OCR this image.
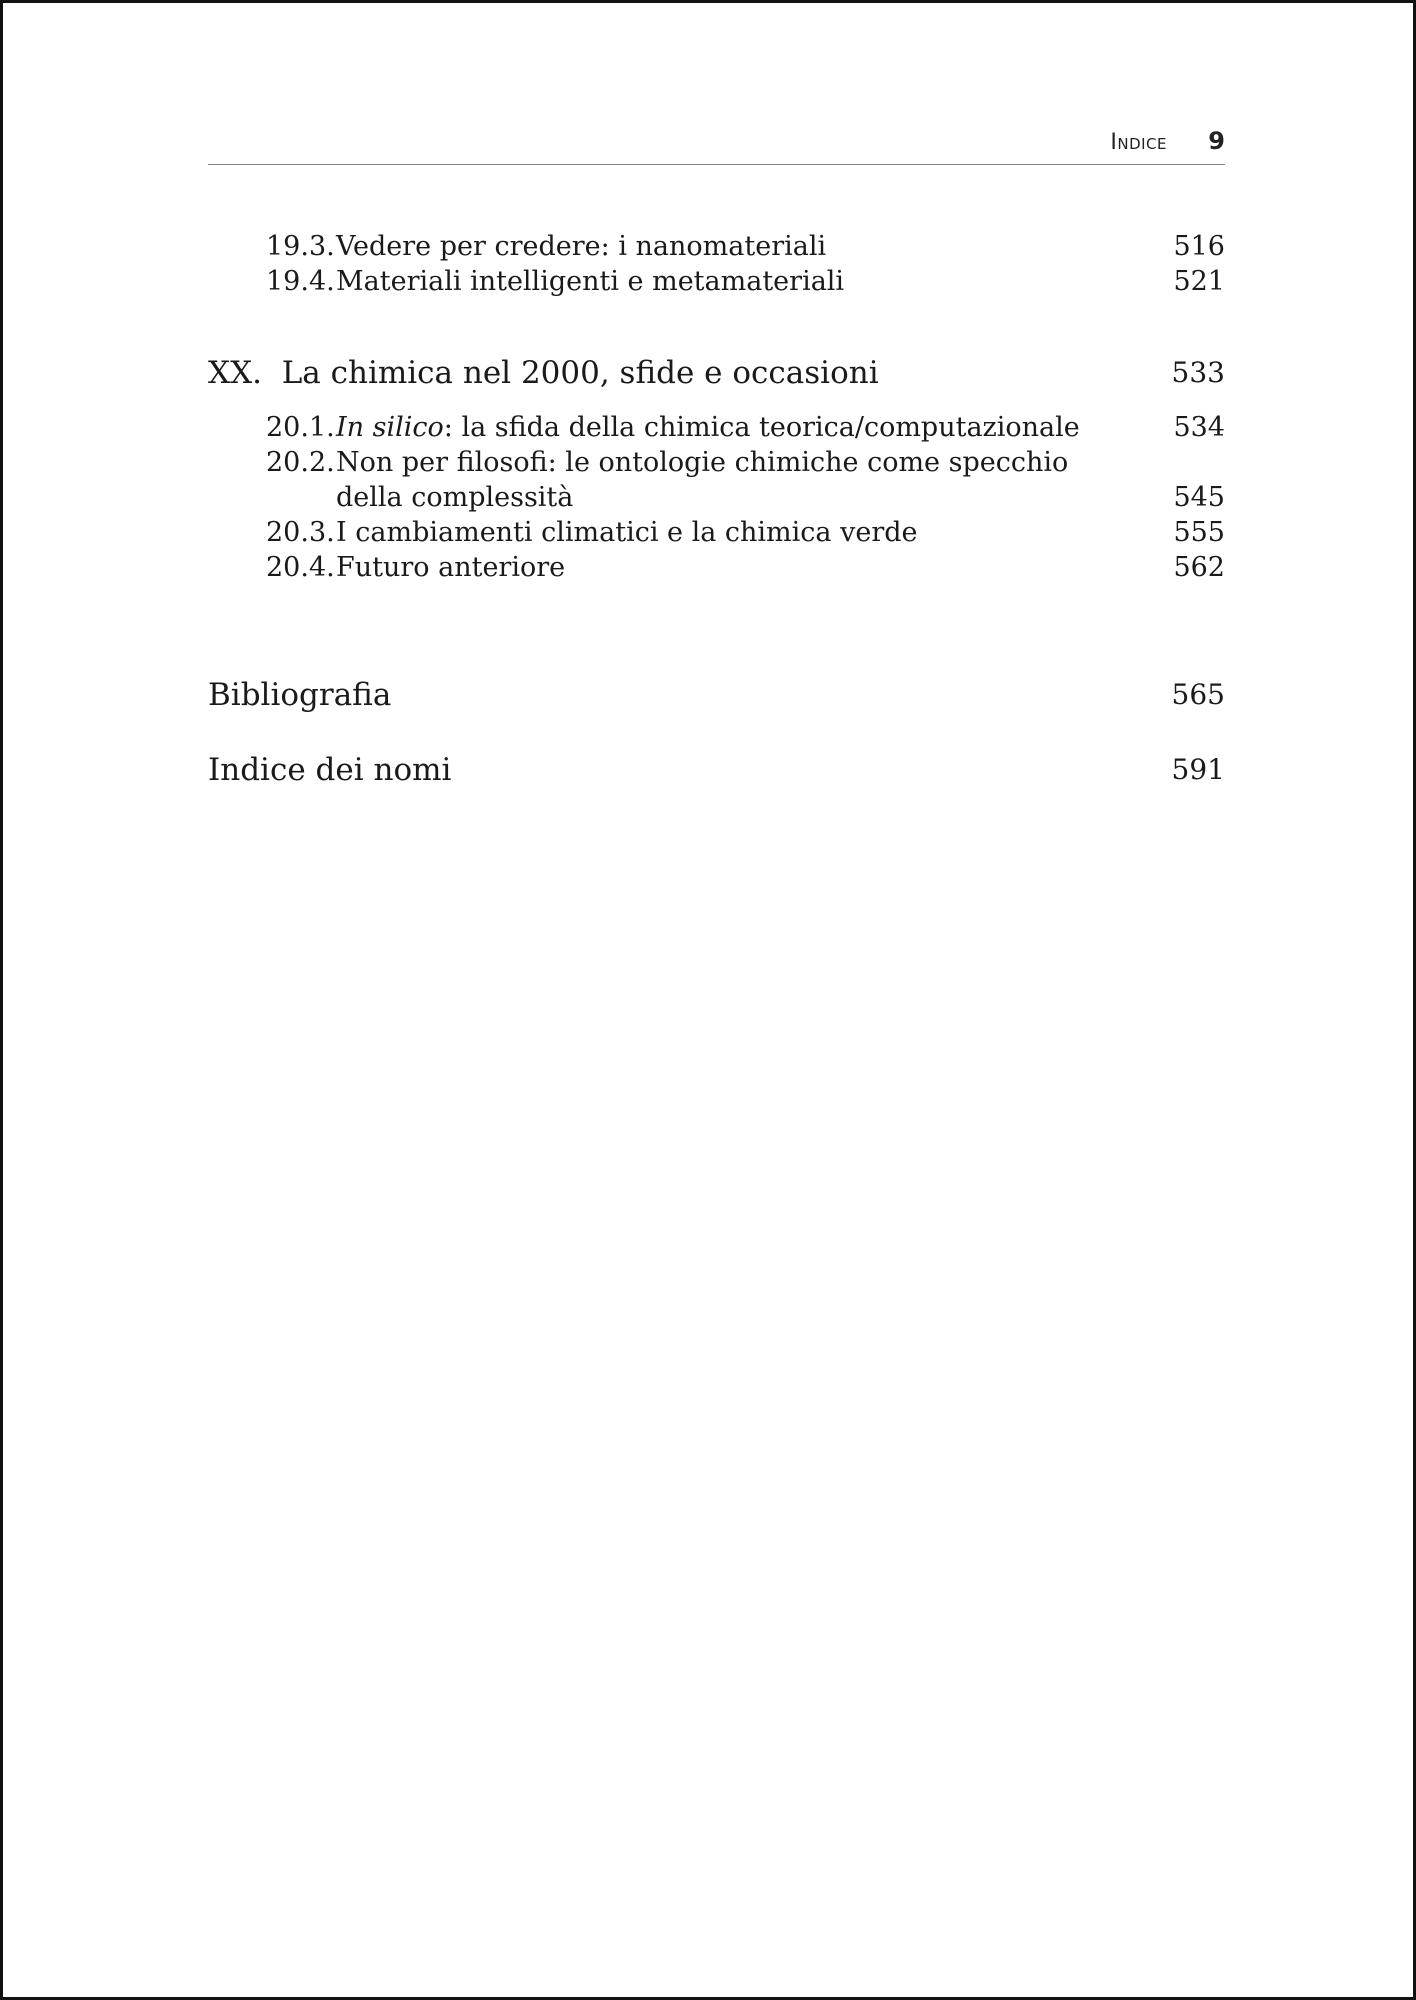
Indice 9
19.3. Vedere per credere: i nanomateriali	516
19.4. Materiali intelligenti e metamateriali	521
XX.  La chimica nel 2000, sfide e occasioni	533
20.1. In silico: la sfida della chimica teorica/computazionale	534
20.2. Non per filosofi: le ontologie chimiche come specchio
della complessità	545
20.3. I cambiamenti climatici e la chimica verde	555
20.4. Futuro anteriore	562
Bibliografia	565
Indice dei nomi	591
